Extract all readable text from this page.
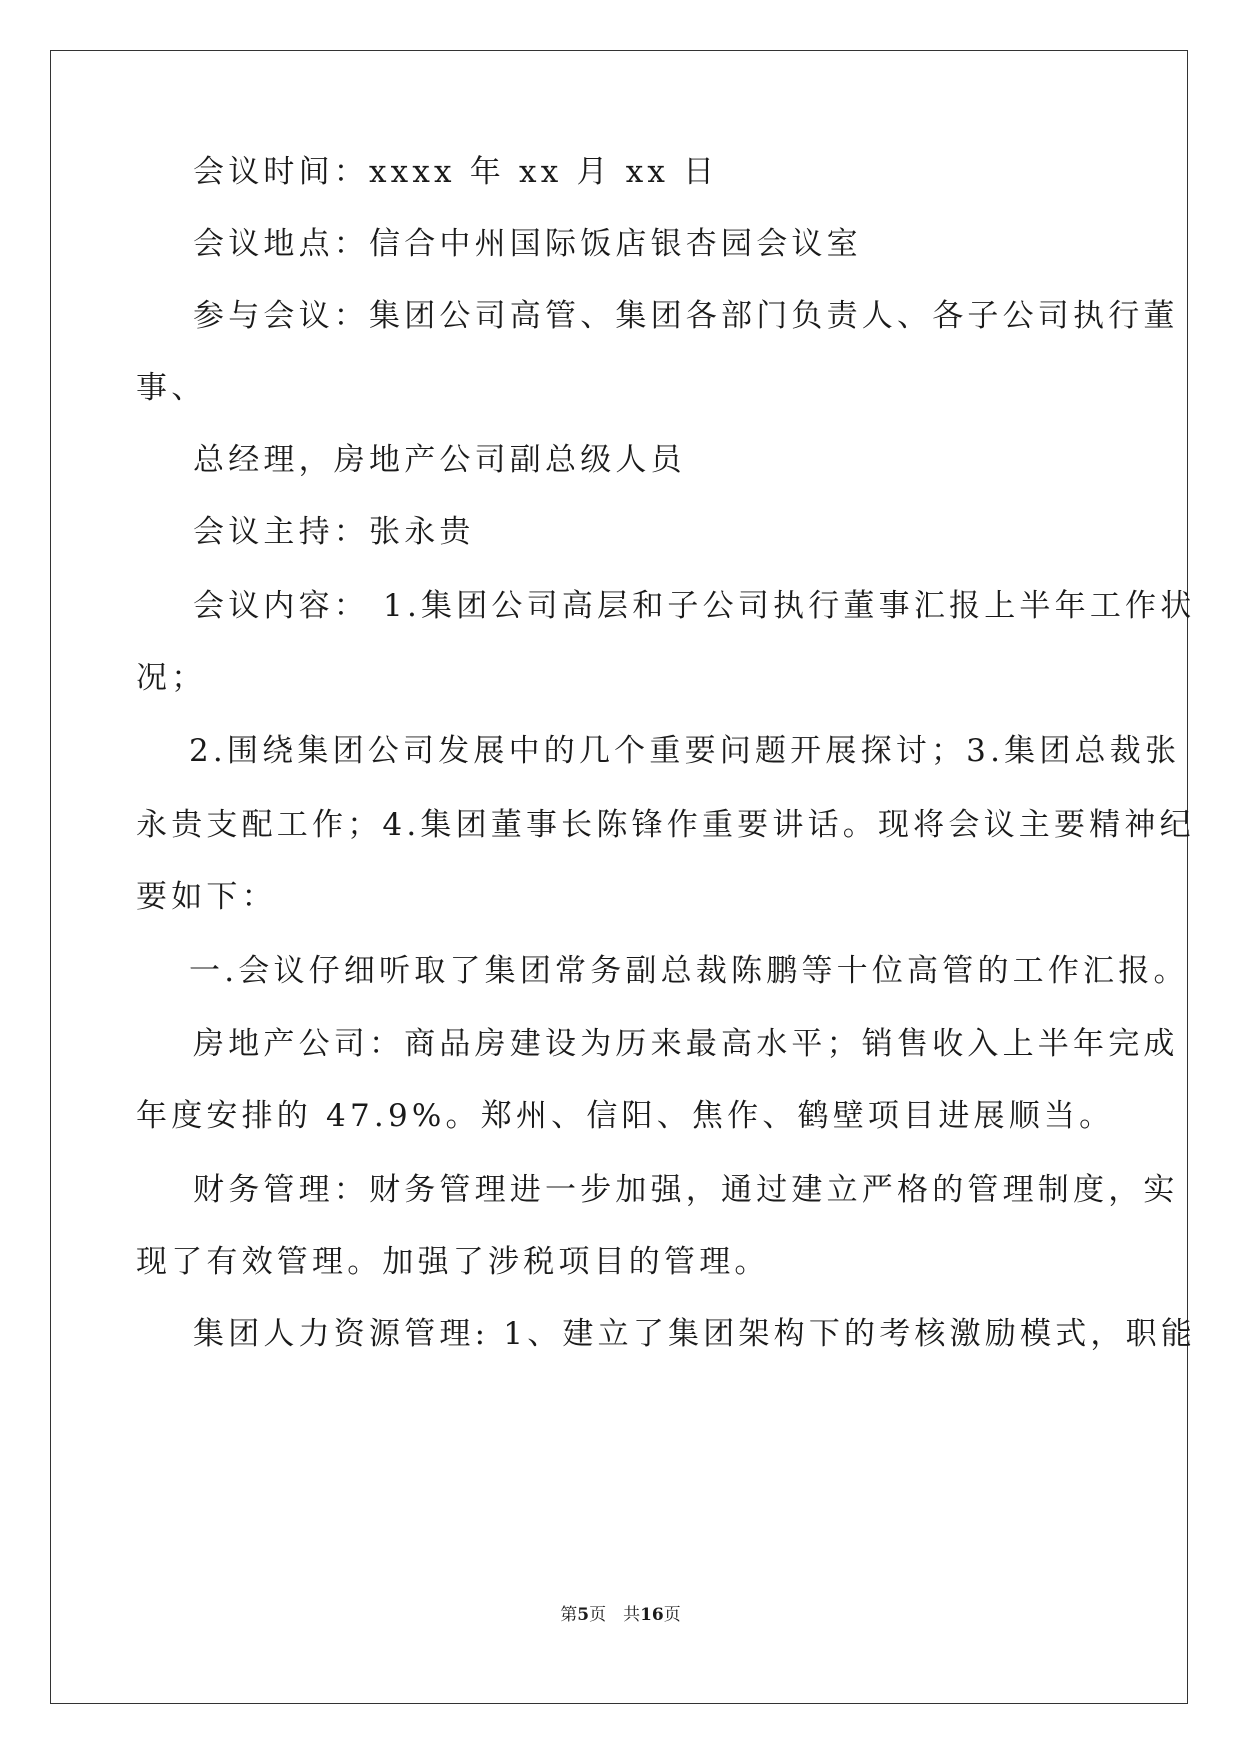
会议时间：xxxx 年 xx 月 xx 日
会议地点：信合中州国际饭店银杏园会议室
参与会议：集团公司高管、集团各部门负责人、各子公司执行董
事、
总经理，房地产公司副总级人员
会议主持：张永贵
会议内容： 1.集团公司高层和子公司执行董事汇报上半年工作状
况；
2.围绕集团公司发展中的几个重要问题开展探讨；3.集团总裁张
永贵支配工作；4.集团董事长陈锋作重要讲话。现将会议主要精神纪
要如下：
一.会议仔细听取了集团常务副总裁陈鹏等十位高管的工作汇报。
房地产公司：商品房建设为历来最高水平；销售收入上半年完成
年度安排的 47.9%。郑州、信阳、焦作、鹤壁项目进展顺当。
财务管理：财务管理进一步加强，通过建立严格的管理制度，实
现了有效管理。加强了涉税项目的管理。
集团人力资源管理: 1、建立了集团架构下的考核激励模式，职能
第5页　共16页
